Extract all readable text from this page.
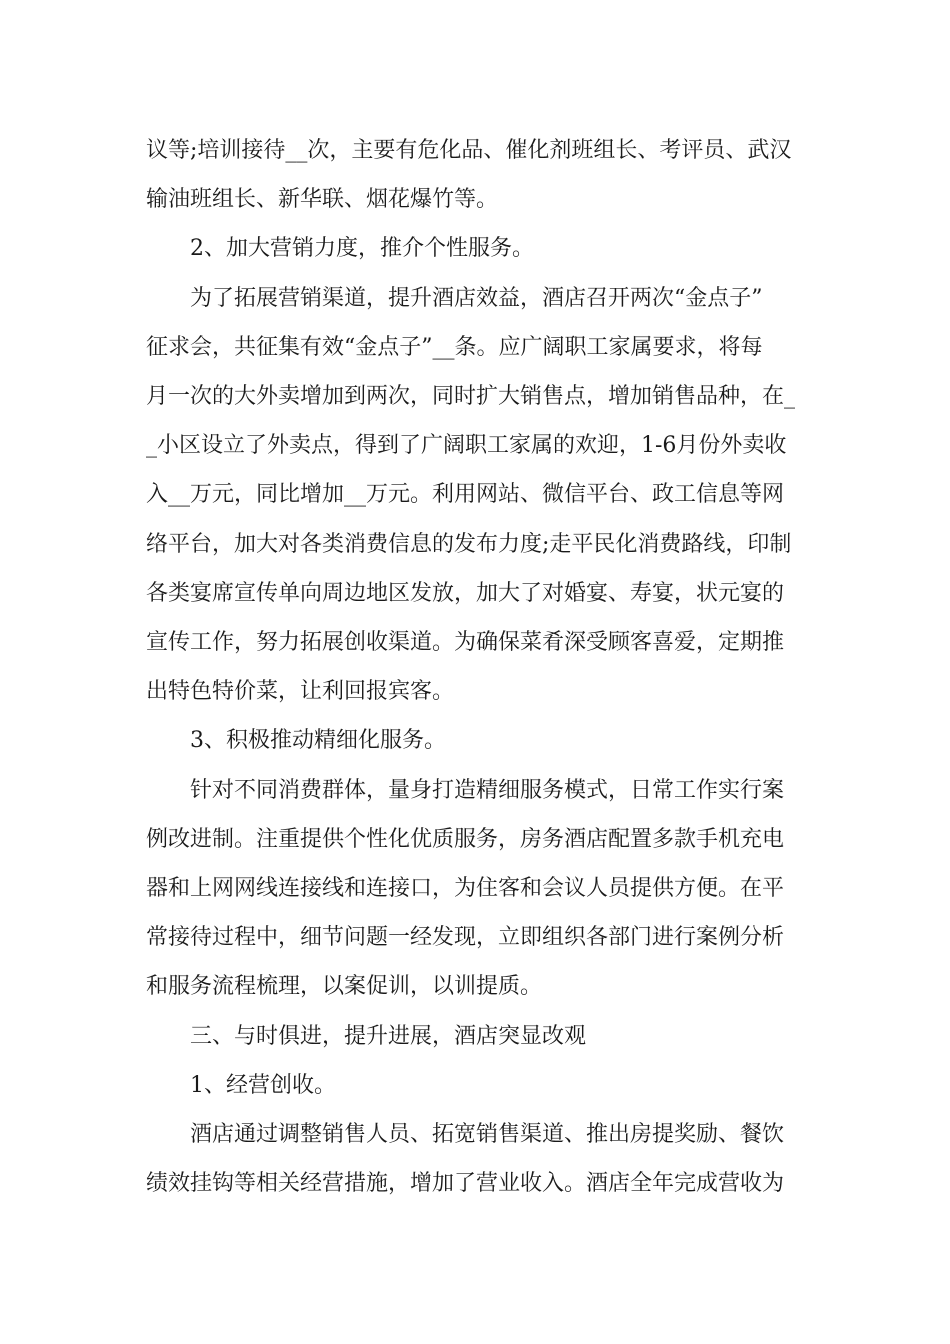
议等;培训接待__次，主要有危化品、催化剂班组长、考评员、武汉
输油班组长、新华联、烟花爆竹等。
2、加大营销力度，推介个性服务。
为了拓展营销渠道，提升酒店效益，酒店召开两次“金点子”
征求会，共征集有效“金点子”__条。应广阔职工家属要求，将每
月一次的大外卖增加到两次，同时扩大销售点，增加销售品种，在_
_小区设立了外卖点，得到了广阔职工家属的欢迎，1-6月份外卖收
入__万元，同比增加__万元。利用网站、微信平台、政工信息等网
络平台，加大对各类消费信息的发布力度;走平民化消费路线，印制
各类宴席宣传单向周边地区发放，加大了对婚宴、寿宴，状元宴的
宣传工作，努力拓展创收渠道。为确保菜肴深受顾客喜爱，定期推
出特色特价菜，让利回报宾客。
3、积极推动精细化服务。
针对不同消费群体，量身打造精细服务模式，日常工作实行案
例改进制。注重提供个性化优质服务，房务酒店配置多款手机充电
器和上网网线连接线和连接口，为住客和会议人员提供方便。在平
常接待过程中，细节问题一经发现，立即组织各部门进行案例分析
和服务流程梳理，以案促训，以训提质。
三、与时俱进，提升进展，酒店突显改观
1、经营创收。
酒店通过调整销售人员、拓宽销售渠道、推出房提奖励、餐饮
绩效挂钩等相关经营措施，增加了营业收入。酒店全年完成营收为
